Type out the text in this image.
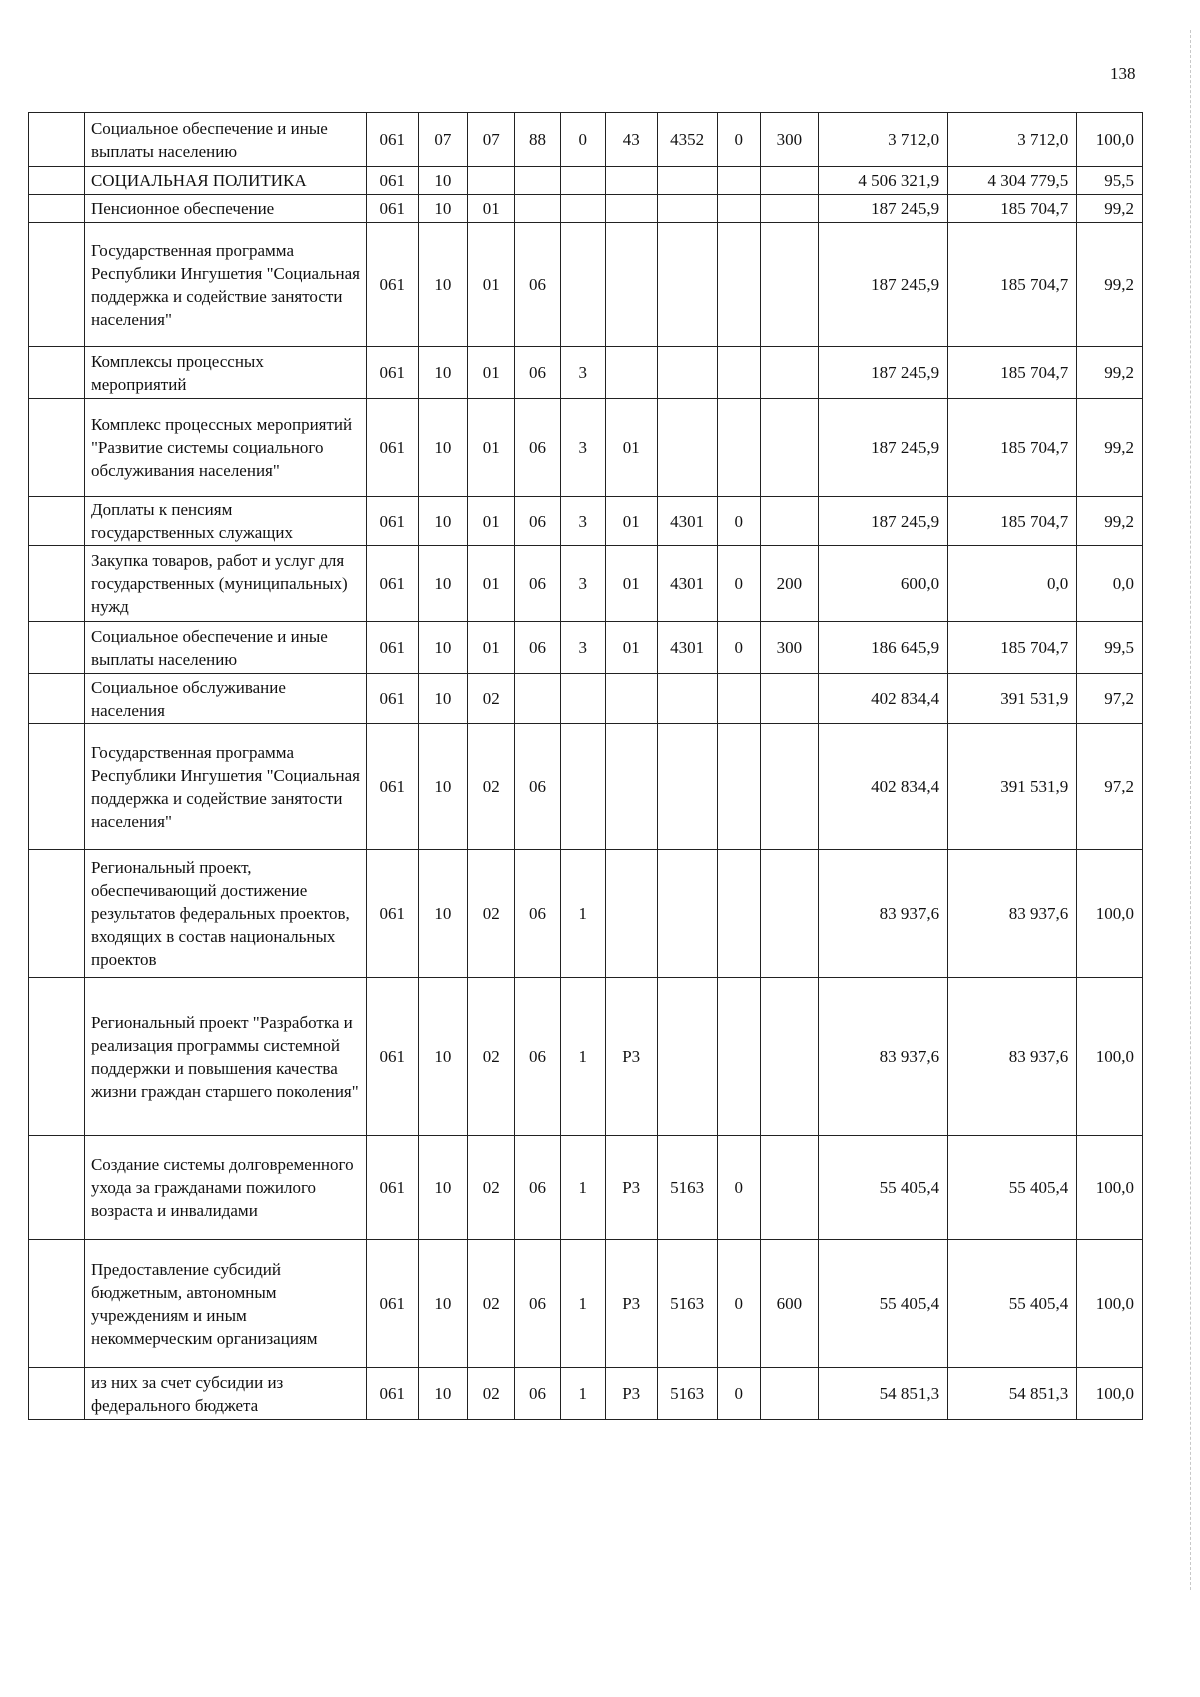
138
	Социальное обеспечение и иные выплаты населению	061	07	07	88	0	43	4352	0	300	3 712,0	3 712,0	100,0
	СОЦИАЛЬНАЯ ПОЛИТИКА	061	10								4 506 321,9	4 304 779,5	95,5
	Пенсионное обеспечение	061	10	01							187 245,9	185 704,7	99,2
	Государственная программа Республики Ингушетия "Социальная поддержка и содействие занятости населения"	061	10	01	06						187 245,9	185 704,7	99,2
	Комплексы процессных мероприятий	061	10	01	06	3					187 245,9	185 704,7	99,2
	Комплекс процессных мероприятий "Развитие системы социального обслуживания населения"	061	10	01	06	3	01				187 245,9	185 704,7	99,2
	Доплаты к пенсиям государственных служащих	061	10	01	06	3	01	4301	0		187 245,9	185 704,7	99,2
	Закупка товаров, работ и услуг для государственных (муниципальных) нужд	061	10	01	06	3	01	4301	0	200	600,0	0,0	0,0
	Социальное обеспечение и иные выплаты населению	061	10	01	06	3	01	4301	0	300	186 645,9	185 704,7	99,5
	Социальное обслуживание населения	061	10	02							402 834,4	391 531,9	97,2
	Государственная программа Республики Ингушетия "Социальная поддержка и содействие занятости населения"	061	10	02	06						402 834,4	391 531,9	97,2
	Региональный проект, обеспечивающий достижение результатов федеральных проектов, входящих в состав национальных проектов	061	10	02	06	1					83 937,6	83 937,6	100,0
	Региональный проект "Разработка и реализация программы системной поддержки и повышения качества жизни граждан старшего поколения"	061	10	02	06	1	P3				83 937,6	83 937,6	100,0
	Создание системы долговременного ухода за гражданами пожилого возраста и инвалидами	061	10	02	06	1	P3	5163	0		55 405,4	55 405,4	100,0
	Предоставление субсидий бюджетным, автономным учреждениям и иным некоммерческим организациям	061	10	02	06	1	P3	5163	0	600	55 405,4	55 405,4	100,0
	из них за счет субсидии из федерального бюджета	061	10	02	06	1	P3	5163	0		54 851,3	54 851,3	100,0
